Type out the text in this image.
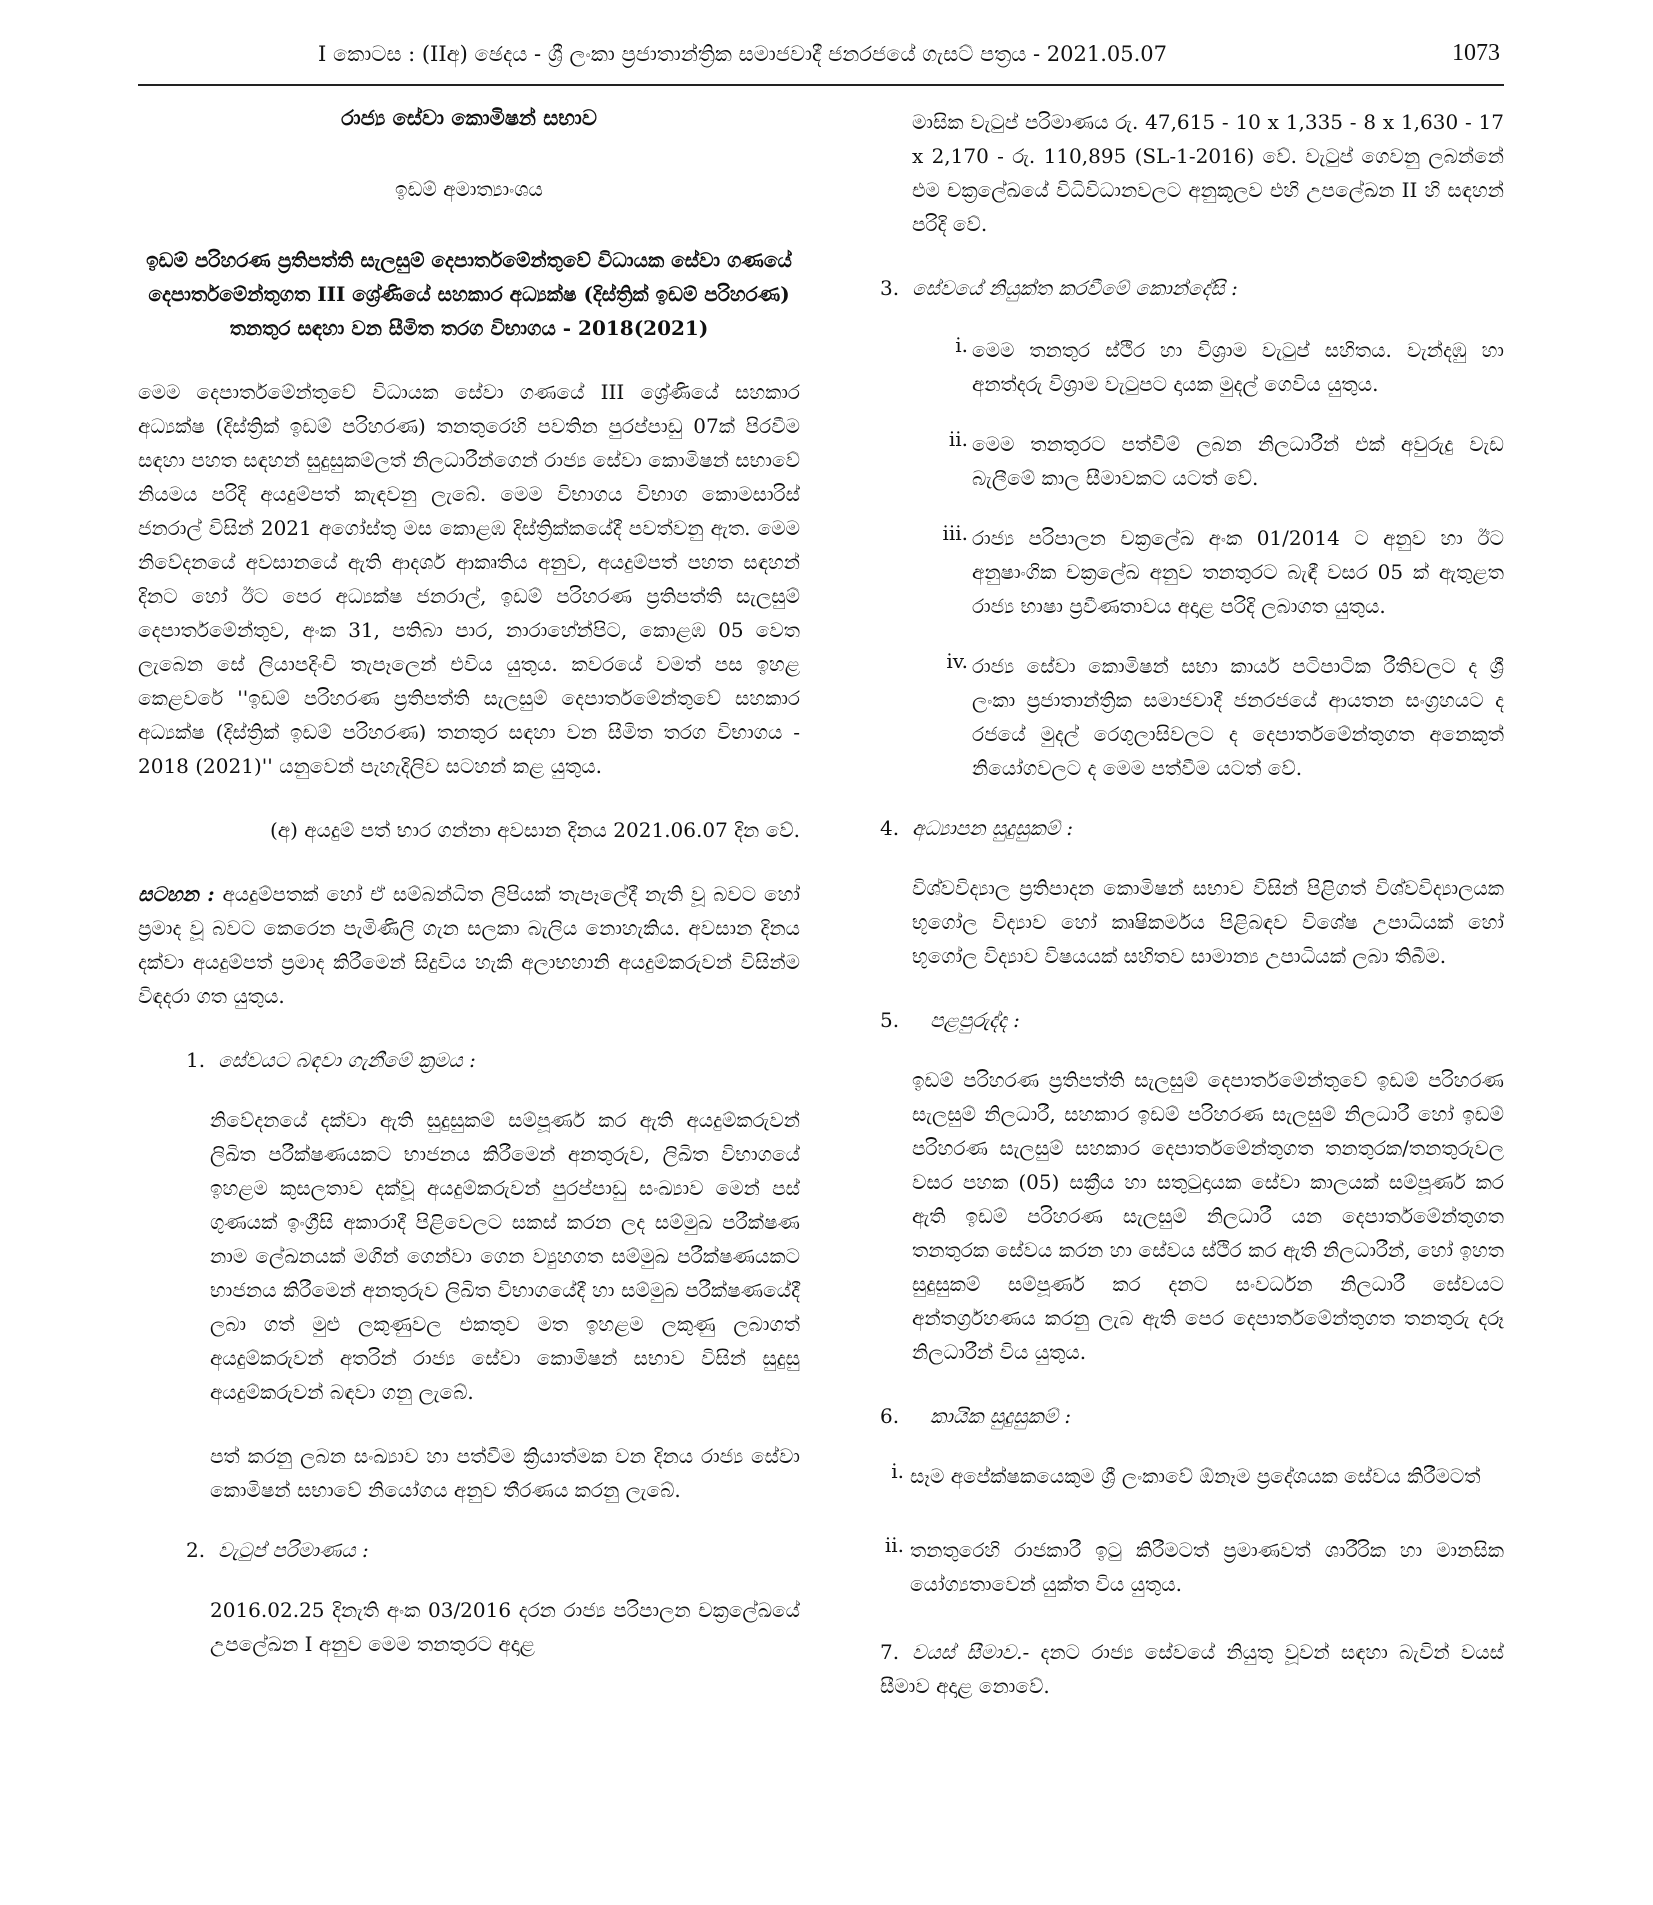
I කොටස : (IIඅ) ඡෙදය - ශ්‍රී ලංකා ප්‍රජාතාන්ත්‍රික සමාජවාදී ජනරජයේ ගැසට් පත්‍රය - 2021.05.07	1073
රාජ්‍ය සේවා කොමිෂන් සභාව
ඉඩම් අමාත්‍යාංශය
ඉඩම් පරිහරණ ප්‍රතිපත්ති සැලසුම් දෙපාර්තමේන්තුවේ විධායක සේවා ගණයේ දෙපාර්තමේන්තුගත III ශ්‍රේණියේ සහකාර අධ්‍යක්ෂ (දිස්ත්‍රික් ඉඩම් පරිහරණ) තනතුර සඳහා වන සීමිත තරග විභාගය - 2018(2021)

මෙම දෙපාර්තමේන්තුවේ විධායක සේවා ගණයේ III ශ්‍රේණියේ සහකාර අධ්‍යක්ෂ (දිස්ත්‍රික් ඉඩම් පරිහරණ) තනතුරෙහි පවතින පුරප්පාඩු 07ක් පිරවීම සඳහා පහත සඳහන් සුදුසුකම්ලත් නිලධාරීන්ගෙන් රාජ්‍ය සේවා කොමිෂන් සභාවේ නියමය පරිදි අයදුම්පත් කැඳවනු ලැබේ. මෙම විභාගය විභාග කොමසාරිස් ජනරාල් විසින් 2021 අගෝස්තු මස කොළඹ දිස්ත්‍රික්කයේදී පවත්වනු ඇත. මෙම නිවේදනයේ අවසානයේ ඇති ආදර්ශ ආකෘතිය අනුව, අයදුම්පත් පහත සඳහන් දිනට හෝ ඊට පෙර අධ්‍යක්ෂ ජනරාල්, ඉඩම් පරිහරණ ප්‍රතිපත්ති සැලසුම් දෙපාර්තමේන්තුව, අංක 31, පතිබා පාර, නාරාහේන්පිට, කොළඹ 05 වෙත ලැබෙන සේ ලියාපදිංචි තැපෑලෙන් එවිය යුතුය. කවරයේ වමත් පස ඉහළ කෙළවරේ ''ඉඩම් පරිහරණ ප්‍රතිපත්ති සැලසුම් දෙපාර්තමේන්තුවේ සහකාර අධ්‍යක්ෂ (දිස්ත්‍රික් ඉඩම් පරිහරණ) තනතුර සඳහා වන සීමිත තරග විභාගය - 2018 (2021)'' යනුවෙන් පැහැදිලිව සටහන් කළ යුතුය.

(අ) අයදුම් පත් භාර ගන්නා අවසාන දිනය 2021.06.07 දින වේ.

සටහන : අයදුම්පතක් හෝ ඒ සම්බන්ධිත ලිපියක් තැපෑලේදී නැති වූ බවට හෝ ප්‍රමාද වූ බවට කෙරෙන පැමිණිලි ගැන සලකා බැලිය නොහැකිය. අවසාන දිනය දක්වා අයදුම්පත් ප්‍රමාද කිරීමෙන් සිදුවිය හැකි අලාභහානි අයදුම්කරුවන් විසින්ම විඳදරා ගත යුතුය.

1. සේවයට බඳවා ගැනීමේ ක්‍රමය :

නිවේදනයේ දක්වා ඇති සුදුසුකම් සම්පූර්ණ කර ඇති අයදුම්කරුවන් ලිඛිත පරීක්ෂණයකට භාජනය කිරීමෙන් අනතුරුව, ලිඛිත විභාගයේ ඉහළම කුසලතාව දක්වූ අයදුම්කරුවන් පුරප්පාඩු සංඛ්‍යාව මෙන් පස් ගුණයක් ඉංග්‍රීසි අකාරාදී පිළිවෙලට සකස් කරන ලද සම්මුඛ පරීක්ෂණ නාම ලේඛනයක් මගින් ගෙන්වා ගෙන ව්‍යුහගත සම්මුඛ පරීක්ෂණයකට භාජනය කිරීමෙන් අනතුරුව ලිඛිත විභාගයේදී හා සම්මුඛ පරීක්ෂණයේදී ලබා ගත් මුළු ලකුණුවල එකතුව මත ඉහළම ලකුණු ලබාගත් අයදුම්කරුවන් අතරින් රාජ්‍ය සේවා කොමිෂන් සභාව විසින් සුදුසු අයදුම්කරුවන් බඳවා ගනු ලැබේ.

පත් කරනු ලබන සංඛ්‍යාව හා පත්වීම ක්‍රියාත්මක වන දිනය රාජ්‍ය සේවා කොමිෂන් සභාවේ නියෝගය අනුව තීරණය කරනු ලැබේ.

2. වැටුප් පරිමාණය :

2016.02.25 දිනැති අංක 03/2016 දරන රාජ්‍ය පරිපාලන චක්‍රලේඛයේ උපලේඛන I අනුව මෙම තනතුරට අදාළ

මාසික වැටුප් පරිමාණය රු. 47,615 - 10 x 1,335 - 8 x 1,630 - 17 x 2,170 - රු. 110,895 (SL-1-2016) වේ. වැටුප් ගෙවනු ලබන්නේ එම චක්‍රලේඛයේ විධිවිධානවලට අනුකූලව එහි උපලේඛන II හි සඳහන් පරිදි වේ.

3. සේවයේ නියුක්ත කරවීමේ කොන්දේසි :
i. මෙම තනතුර ස්ථිර හා විශ්‍රාම වැටුප් සහිතය. වැන්දඹු හා අනත්දරු විශ්‍රාම වැටුපට දායක මුදල් ගෙවිය යුතුය.

ii. මෙම තනතුරට පත්වීම් ලබන නිලධාරීන් එක් අවුරුදු වැඩ බැලීමේ කාල සීමාවකට යටත් වේ.

iii. රාජ්‍ය පරිපාලන චක්‍රලේඛ අංක 01/2014 ට අනුව හා ඊට අනුෂාංගික චක්‍රලේඛ අනුව තනතුරට බැඳී වසර 05 ක් ඇතුළත රාජ්‍ය භාෂා ප්‍රවීණතාවය අදාළ පරිදි ලබාගත යුතුය.

iv. රාජ්‍ය සේවා කොමිෂන් සභා කාර්ය පටිපාටික රීතිවලට ද ශ්‍රී ලංකා ප්‍රජාතාන්ත්‍රික සමාජවාදී ජනරජයේ ආයතන සංග්‍රහයට ද රජයේ මුදල් රෙගුලාසිවලට ද දෙපාර්තමේන්තුගත අනෙකුත් නියෝගවලට ද මෙම පත්වීම යටත් වේ.

4. අධ්‍යාපන සුදුසුකම් :

විශ්වවිද්‍යාල ප්‍රතිපාදන කොමිෂන් සභාව විසින් පිළිගත් විශ්වවිද්‍යාලයක භූගෝල විද්‍යාව හෝ කෘෂිකර්මය පිළිබඳව විශේෂ උපාධියක් හෝ භූගෝල විද්‍යාව විෂයයක් සහිතව සාමාන්‍ය උපාධියක් ලබා තිබීම.

5. පළපුරුද්ද :

ඉඩම් පරිහරණ ප්‍රතිපත්ති සැලසුම් දෙපාර්තමේන්තුවේ ඉඩම් පරිහරණ සැලසුම් නිලධාරී, සහකාර ඉඩම් පරිහරණ සැලසුම් නිලධාරී හෝ ඉඩම් පරිහරණ සැලසුම් සහකාර දෙපාර්තමේන්තුගත තනතුරක/තනතුරුවල වසර පහක (05) සක්‍රීය හා සතුටුදායක සේවා කාලයක් සම්පූර්ණ කර ඇති ඉඩම් පරිහරණ සැලසුම් නිලධාරී යන දෙපාර්තමේන්තුගත තනතුරක සේවය කරන හා සේවය ස්ථිර කර ඇති නිලධාරීන්, හෝ ඉහත සුදුසුකම් සම්පූර්ණ කර දනට සංවර්ධන නිලධාරී සේවයට අන්තර්ග්‍රහණය කරනු ලැබ ඇති පෙර දෙපාර්තමේන්තුගත තනතුරු දරූ නිලධාරීන් විය යුතුය.

6. කායික සුදුසුකම් :
i. සෑම අපේක්ෂකයෙකුම ශ්‍රී ලංකාවේ ඕනෑම ප්‍රදේශයක සේවය කිරීමටත්

ii. තනතුරෙහි රාජකාරී ඉටු කිරීමටත් ප්‍රමාණවත් ශාරීරික හා මානසික යෝග්‍යතාවෙන් යුක්ත විය යුතුය.

7. වයස් සීමාව.- දනට රාජ්‍ය සේවයේ නියුතු වූවන් සඳහා බැවින් වයස් සීමාව අදාළ නොවේ.
